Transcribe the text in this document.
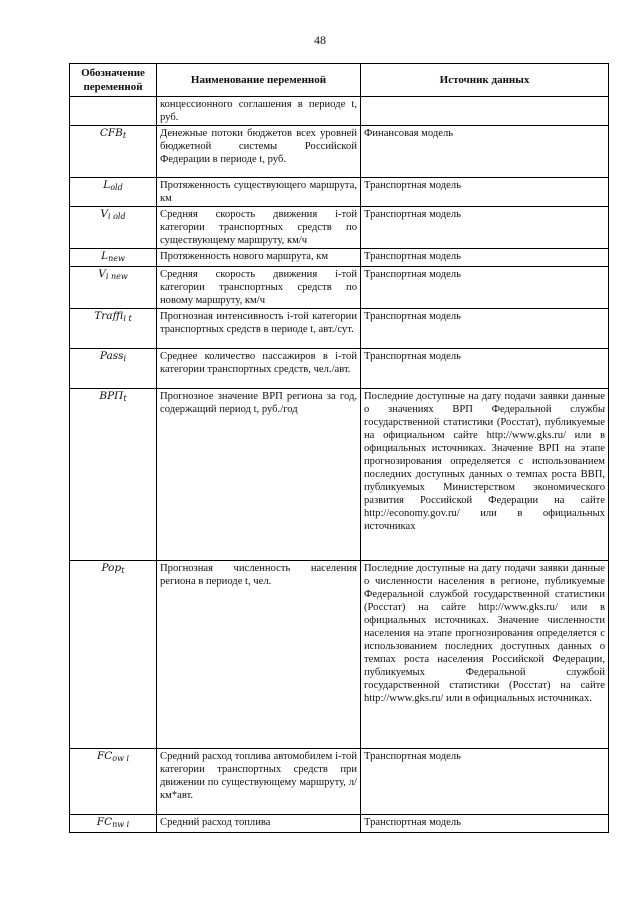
48
Обозначение переменной	Наименование переменной	Источник данных
	концессионного соглашения в периоде t, руб.	
CFBt	Денежные потоки бюджетов всех уровней бюджетной системы Российской Федерации в периоде t, руб.	Финансовая модель
Lold	Протяженность существующего маршрута, км	Транспортная модель
Vi old	Средняя скорость движения i-той категории транспортных средств по существующему маршруту, км/ч	Транспортная модель
Lnew	Протяженность нового маршрута, км	Транспортная модель
Vi new	Средняя скорость движения i-той категории транспортных средств по новому маршруту, км/ч	Транспортная модель
Traffii t	Прогнозная интенсивность i-той категории транспортных средств в периоде t, авт./сут.	Транспортная модель
Passi	Среднее количество пассажиров в i-той категории транспортных средств, чел./авт.	Транспортная модель
ВРПt	Прогнозное значение ВРП региона за год, содержащий период t, руб./год	Последние доступные на дату подачи заявки данные о значениях ВРП Федеральной службы государственной статистики (Росстат), публикуемые на официальном сайте http://www.gks.ru/ или в официальных источниках. Значение ВРП на этапе прогнозирования определяется с использованием последних доступных данных о темпах роста ВВП, публикуемых Министерством экономического развития Российской Федерации на сайте http://economy.gov.ru/ или в официальных источниках
Popt	Прогнозная численность населения региона в периоде t, чел.	Последние доступные на дату подачи заявки данные о численности населения в регионе, публикуемые Федеральной службой государственной статистики (Росстат) на сайте http://www.gks.ru/ или в официальных источниках. Значение численности населения на этапе прогнозирования определяется с использованием последних доступных данных о темпах роста населения Российской Федерации, публикуемых Федеральной службой государственной статистики (Росстат) на сайте http://www.gks.ru/ или в официальных источниках.
FCow i	Средний расход топлива автомобилем i-той категории транспортных средств при движении по существующему маршруту, л/км*авт.	Транспортная модель
FCnw i	Средний расход топлива	Транспортная модель
